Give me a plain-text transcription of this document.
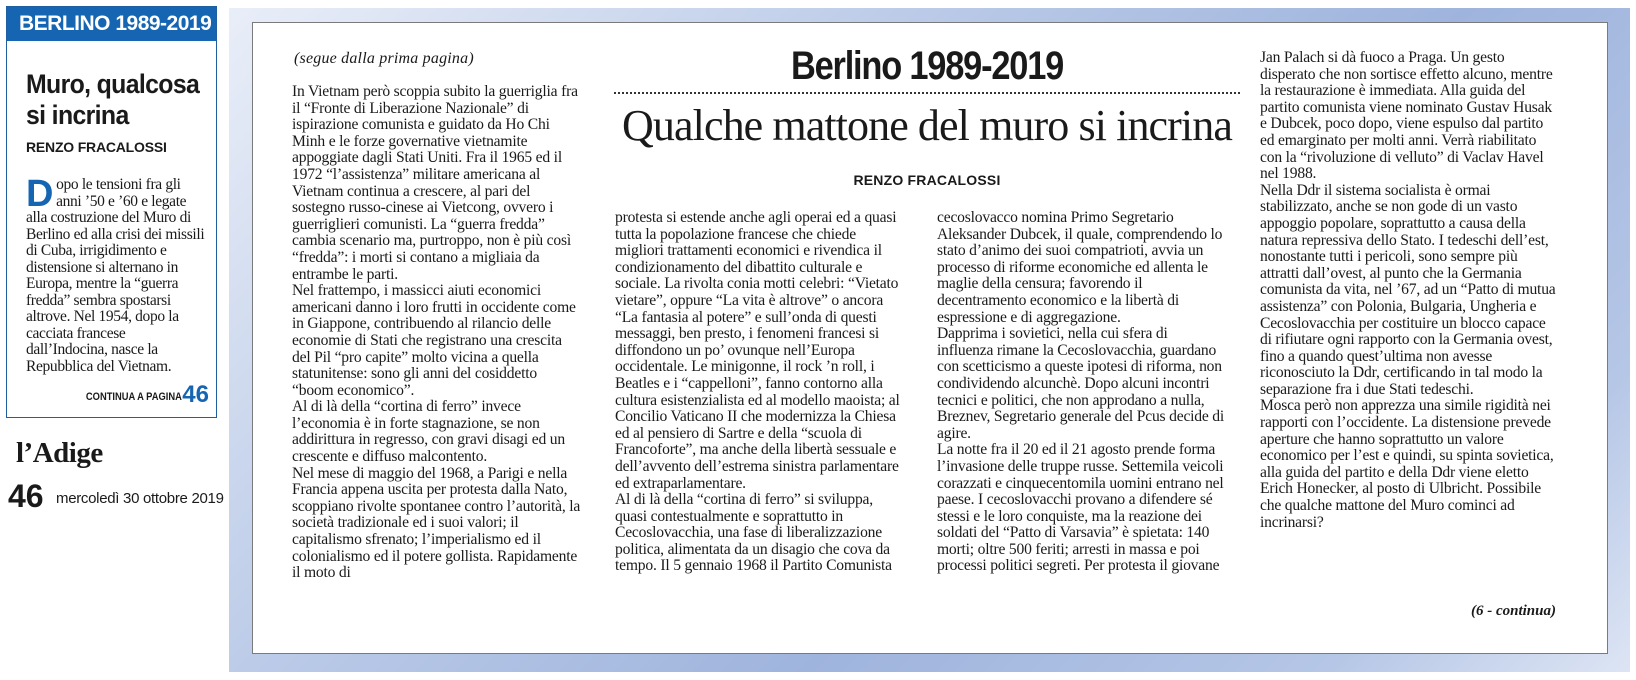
BERLINO 1989-2019
Muro, qualcosa
si incrina
RENZO FRACALOSSI
Dopo le tensioni fra gli anni ’50 e ’60 e legate alla costruzione del Muro di Berlino ed alla crisi dei missili di Cuba, irrigidimento e distensione si alternano in Europa, mentre la “guerra fredda” sembra spostarsi altrove. Nel 1954, dopo la cacciata francese dall’Indocina, nasce la Repubblica del Vietnam.
CONTINUA A PAGINA 46
l’Adige
46 mercoledì 30 ottobre 2019
(segue dalla prima pagina)	Berlino 1989-2019
Qualche mattone del muro si incrina
RENZO FRACALOSSI

In Vietnam però scoppia subito la guerriglia fra il “Fronte di Liberazione Nazionale” di ispirazione comunista e guidato da Ho Chi Minh e le forze governative vietnamite appoggiate dagli Stati Uniti. Fra il 1965 ed il 1972 “l’assistenza” militare americana al Vietnam continua a crescere, al pari del sostegno russo-cinese ai Vietcong, ovvero i guerriglieri comunisti. La “guerra fredda” cambia scenario ma, purtroppo, non è più così “fredda”: i morti si contano a migliaia da entrambe le parti.

Nel frattempo, i massicci aiuti economici americani danno i loro frutti in occidente come in Giappone, contribuendo al rilancio delle economie di Stati che registrano una crescita del Pil “pro capite” molto vicina a quella statunitense: sono gli anni del cosiddetto “boom economico”.

Al di là della “cortina di ferro” invece l’economia è in forte stagnazione, se non addirittura in regresso, con gravi disagi ed un crescente e diffuso malcontento.

Nel mese di maggio del 1968, a Parigi e nella Francia appena uscita per protesta dalla Nato, scoppiano rivolte spontanee contro l’autorità, la società tradizionale ed i suoi valori; il capitalismo sfrenato; l’imperialismo ed il colonialismo ed il potere gollista. Rapidamente il moto di

protesta si estende anche agli operai ed a quasi tutta la popolazione francese che chiede migliori trattamenti economici e rivendica il condizionamento del dibattito culturale e sociale. La rivolta conia motti celebri: “Vietato vietare”, oppure “La vita è altrove” o ancora “La fantasia al potere” e sull’onda di questi messaggi, ben presto, i fenomeni francesi si diffondono un po’ ovunque nell’Europa occidentale. Le minigonne, il rock ’n roll, i Beatles e i “cappelloni”, fanno contorno alla cultura esistenzialista ed al modello maoista; al Concilio Vaticano II che modernizza la Chiesa ed al pensiero di Sartre e della “scuola di Francoforte”, ma anche della libertà sessuale e dell’avvento dell’estrema sinistra parlamentare ed extraparlamentare.

Al di là della “cortina di ferro” si sviluppa, quasi contestualmente e soprattutto in Cecoslovacchia, una fase di liberalizzazione politica, alimentata da un disagio che cova da tempo. Il 5 gennaio 1968 il Partito Comunista

cecoslovacco nomina Primo Segretario Aleksander Dubcek, il quale, comprendendo lo stato d’animo dei suoi compatrioti, avvia un processo di riforme economiche ed allenta le maglie della censura; favorendo il decentramento economico e la libertà di espressione e di aggregazione.

Dapprima i sovietici, nella cui sfera di influenza rimane la Cecoslovacchia, guardano con scetticismo a queste ipotesi di riforma, non condividendo alcunchè. Dopo alcuni incontri tecnici e politici, che non approdano a nulla, Breznev, Segretario generale del Pcus decide di agire.

La notte fra il 20 ed il 21 agosto prende forma l’invasione delle truppe russe. Settemila veicoli corazzati e cinquecentomila uomini entrano nel paese. I cecoslovacchi provano a difendere sé stessi e le loro conquiste, ma la reazione dei soldati del “Patto di Varsavia” è spietata: 140 morti; oltre 500 feriti; arresti in massa e poi processi politici segreti. Per protesta il giovane

Jan Palach si dà fuoco a Praga. Un gesto disperato che non sortisce effetto alcuno, mentre la restaurazione è immediata. Alla guida del partito comunista viene nominato Gustav Husak e Dubcek, poco dopo, viene espulso dal partito ed emarginato per molti anni. Verrà riabilitato con la “rivoluzione di velluto” di Vaclav Havel nel 1988.

Nella Ddr il sistema socialista è ormai stabilizzato, anche se non gode di un vasto appoggio popolare, soprattutto a causa della natura repressiva dello Stato. I tedeschi dell’est, nonostante tutti i pericoli, sono sempre più attratti dall’ovest, al punto che la Germania comunista da vita, nel ’67, ad un “Patto di mutua assistenza” con Polonia, Bulgaria, Ungheria e Cecoslovacchia per costituire un blocco capace di rifiutare ogni rapporto con la Germania ovest, fino a quando quest’ultima non avesse riconosciuto la Ddr, certificando in tal modo la separazione fra i due Stati tedeschi.

Mosca però non apprezza una simile rigidità nei rapporti con l’occidente. La distensione prevede aperture che hanno soprattutto un valore economico per l’est e quindi, su spinta sovietica, alla guida del partito e della Ddr viene eletto Erich Honecker, al posto di Ulbricht. Possibile che qualche mattone del Muro cominci ad incrinarsi?

(6 - continua)
